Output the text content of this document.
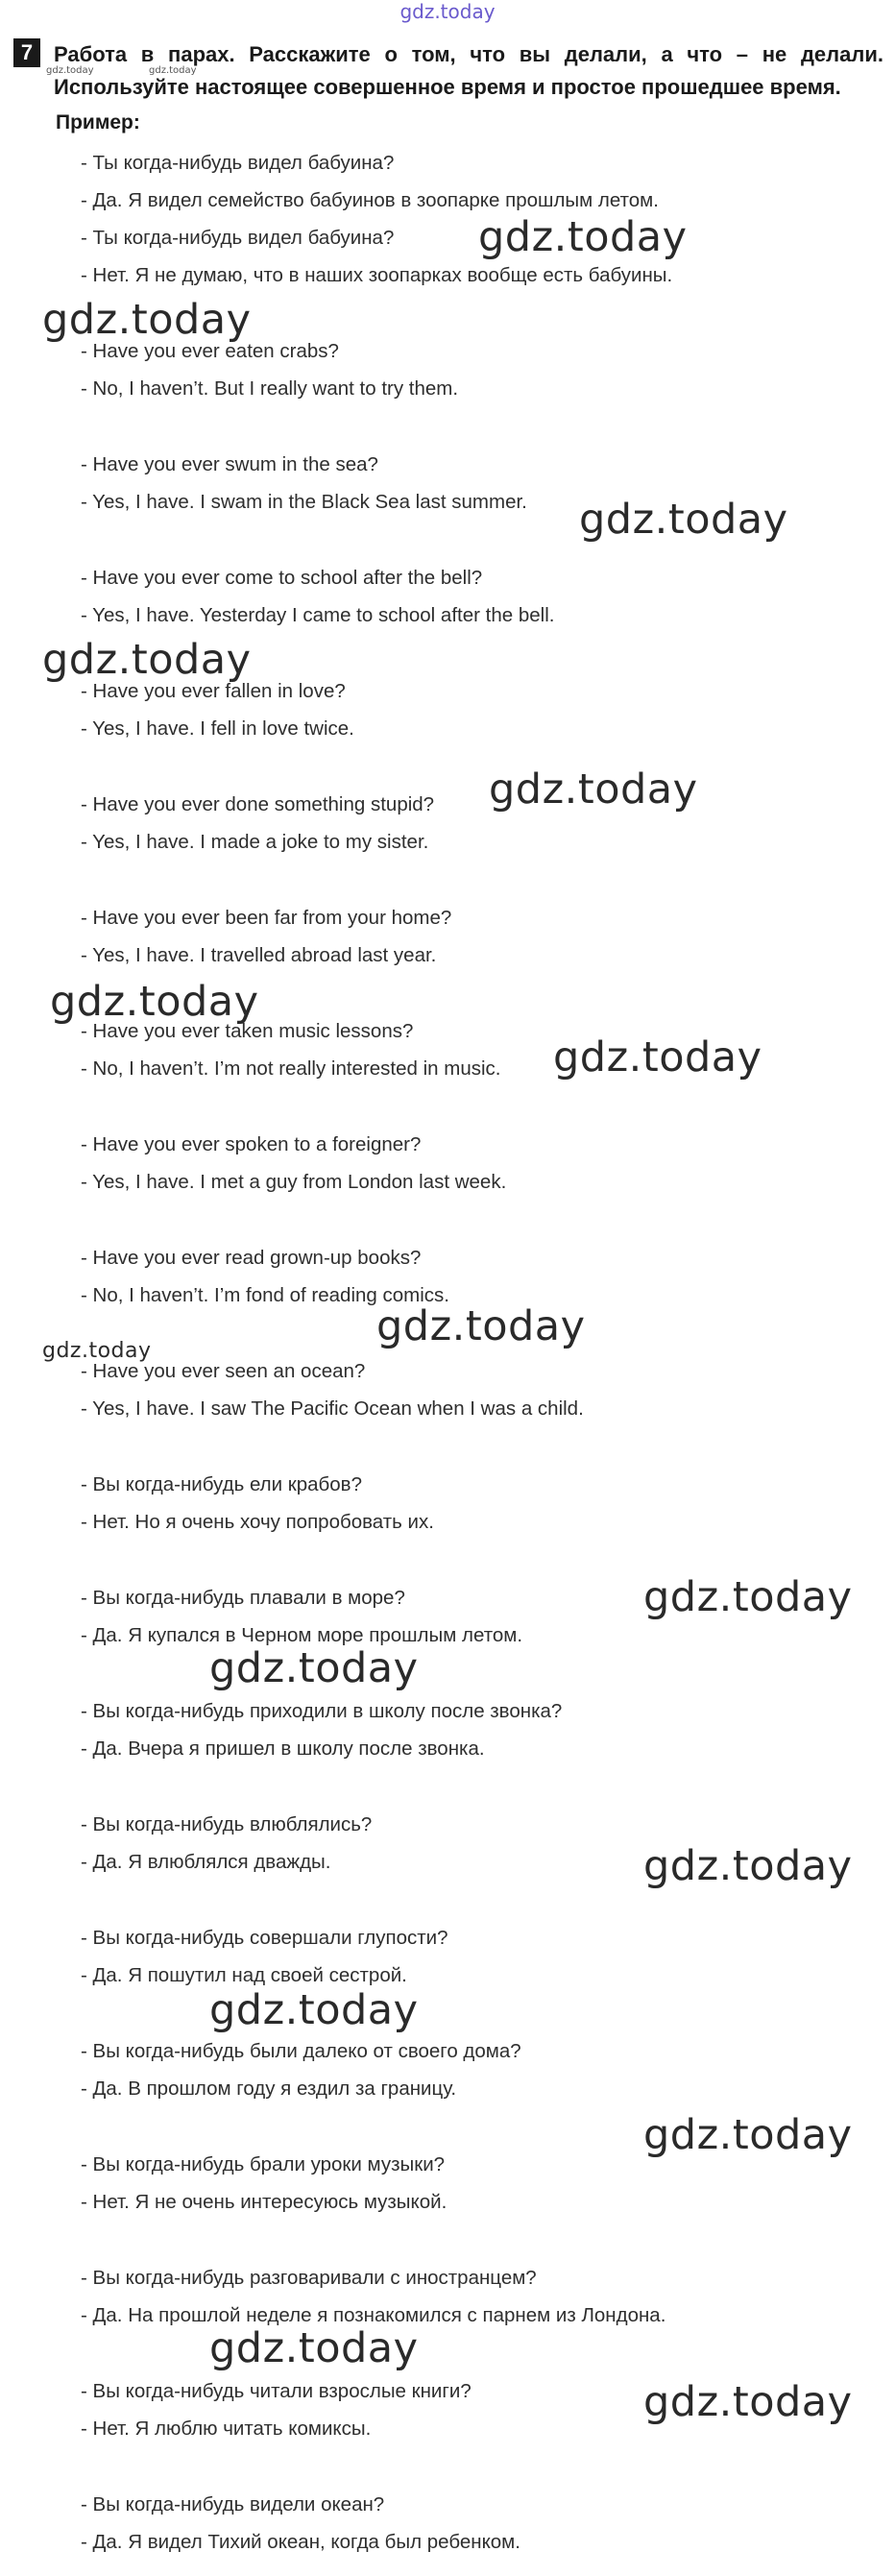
gdz.today
7 Работа в парах. Расскажите о том, что вы делали, а что – не делали.
Используйте настоящее совершенное время и простое прошедшее время.
gdz.today	gdz.today
Пример:
- Ты когда-нибудь видел бабуина?
- Да. Я видел семейство бабуинов в зоопарке прошлым летом.
- Ты когда-нибудь видел бабуина?
- Нет. Я не думаю, что в наших зоопарках вообще есть бабуины.
- Have you ever eaten crabs?
- No, I haven’t. But I really want to try them.
- Have you ever swum in the sea?
- Yes, I have. I swam in the Black Sea last summer.
- Have you ever come to school after the bell?
- Yes, I have. Yesterday I came to school after the bell.
- Have you ever fallen in love?
- Yes, I have. I fell in love twice.
- Have you ever done something stupid?
- Yes, I have. I made a joke to my sister.
- Have you ever been far from your home?
- Yes, I have. I travelled abroad last year.
- Have you ever taken music lessons?
- No, I haven’t. I’m not really interested in music.
- Have you ever spoken to a foreigner?
- Yes, I have. I met a guy from London last week.
- Have you ever read grown-up books?
- No, I haven’t. I’m fond of reading comics.
- Have you ever seen an ocean?
- Yes, I have. I saw The Pacific Ocean when I was a child.
- Вы когда-нибудь ели крабов?
- Нет. Но я очень хочу попробовать их.
- Вы когда-нибудь плавали в море?
- Да. Я купался в Черном море прошлым летом.
- Вы когда-нибудь приходили в школу после звонка?
- Да. Вчера я пришел в школу после звонка.
- Вы когда-нибудь влюблялись?
- Да. Я влюблялся дважды.
- Вы когда-нибудь совершали глупости?
- Да. Я пошутил над своей сестрой.
- Вы когда-нибудь были далеко от своего дома?
- Да. В прошлом году я ездил за границу.
- Вы когда-нибудь брали уроки музыки?
- Нет. Я не очень интересуюсь музыкой.
- Вы когда-нибудь разговаривали с иностранцем?
- Да. На прошлой неделе я познакомился с парнем из Лондона.
- Вы когда-нибудь читали взрослые книги?
- Нет. Я люблю читать комиксы.
- Вы когда-нибудь видели океан?
- Да. Я видел Тихий океан, когда был ребенком.
gdz.today
gdz.today
gdz.today
gdz.today
gdz.today
gdz.today
gdz.today
gdz.today
gdz.today
gdz.today
gdz.today
gdz.today
gdz.today
gdz.today
gdz.today
gdz.today
